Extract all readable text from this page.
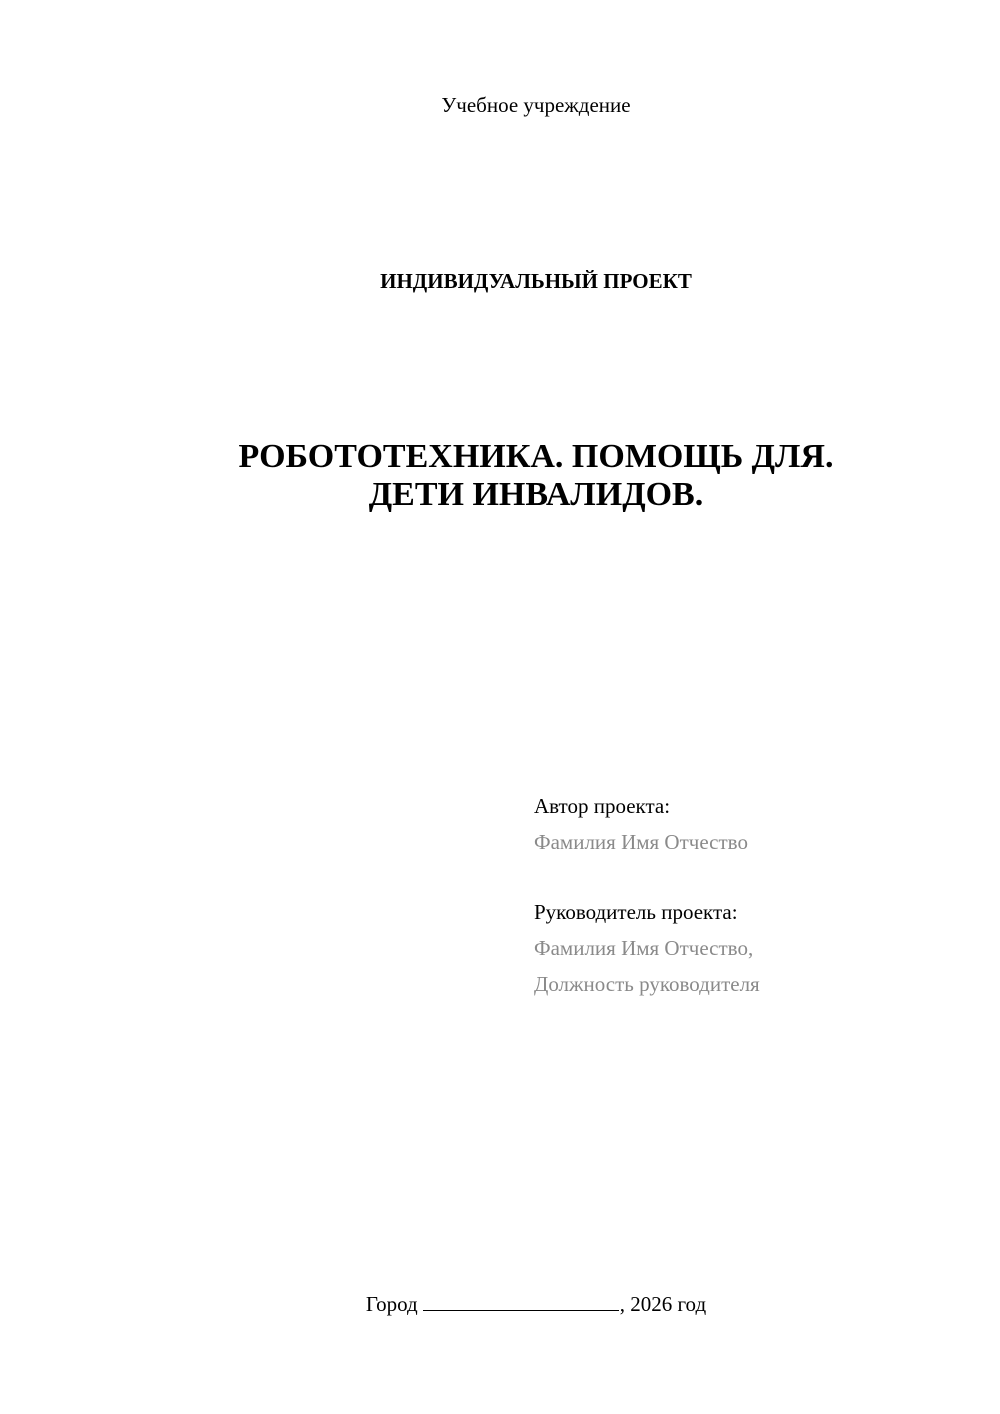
Учебное учреждение
ИНДИВИДУАЛЬНЫЙ ПРОЕКТ
РОБОТОТЕХНИКА. ПОМОЩЬ ДЛЯ.
ДЕТИ ИНВАЛИДОВ.
Автор проекта:
Фамилия Имя Отчество
Руководитель проекта:
Фамилия Имя Отчество,
Должность руководителя
Город	, 2026 год
